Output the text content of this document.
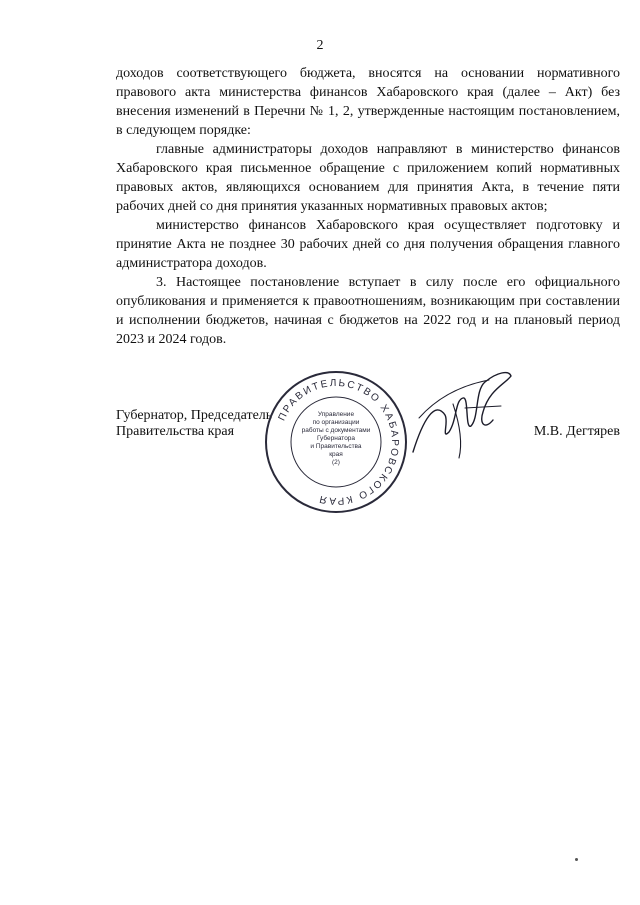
2

доходов соответствующего бюджета, вносятся на основании нормативного правового акта министерства финансов Хабаровского края (далее – Акт) без внесения изменений в Перечни № 1, 2, утвержденные настоящим постановлением, в следующем порядке:

главные администраторы доходов направляют в министерство финансов Хабаровского края письменное обращение с приложением копий нормативных правовых актов, являющихся основанием для принятия Акта, в течение пяти рабочих дней со дня принятия указанных нормативных правовых актов;

министерство финансов Хабаровского края осуществляет подготовку и принятие Акта не позднее 30 рабочих дней со дня получения обращения главного администратора доходов.

3. Настоящее постановление вступает в силу после его официального опубликования и применяется к правоотношениям, возникающим при составлении и исполнении бюджетов, начиная с бюджетов на 2022 год и на плановый период 2023 и 2024 годов.

Губернатор, Председатель
Правительства края	М.В. Дегтярев
ПРАВИТЕЛЬСТВО ХАБАРОВСКОГО КРАЯ
Управление
по организации
работы с документами
Губернатора
и Правительства
края
(2)
